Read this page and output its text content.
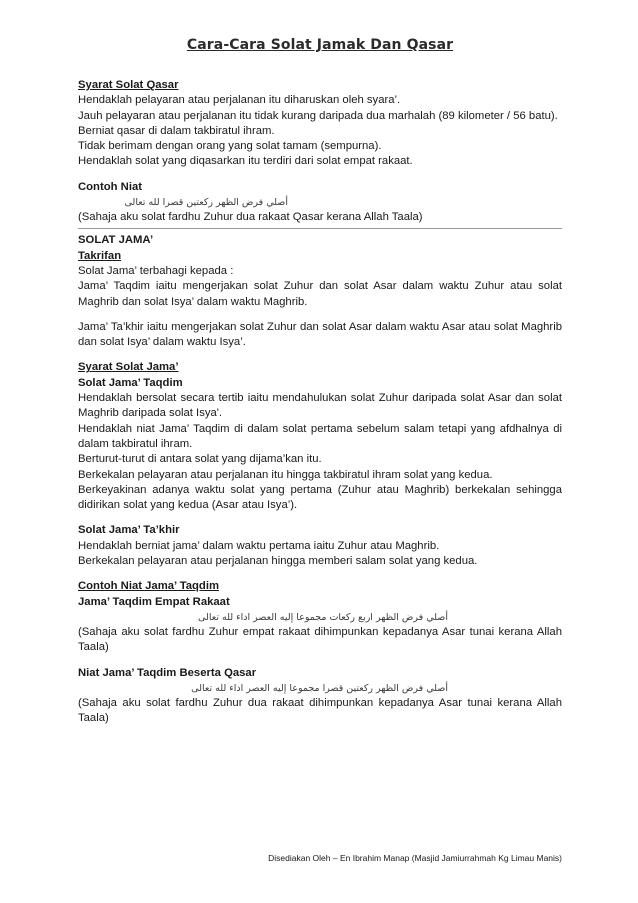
Cara-Cara Solat Jamak Dan Qasar

Syarat Solat Qasar

Hendaklah pelayaran atau perjalanan itu diharuskan oleh syara’.

Jauh pelayaran atau perjalanan itu tidak kurang daripada dua marhalah (89 kilometer / 56 batu).

Berniat qasar di dalam takbiratul ihram.

Tidak berimam dengan orang yang solat tamam (sempurna).

Hendaklah solat yang diqasarkan itu terdiri dari solat empat rakaat.

Contoh Niat

أصلي فرض الظهر ركعتين قصرا لله تعالى

(Sahaja aku solat fardhu Zuhur dua rakaat Qasar kerana Allah Taala)

SOLAT JAMA’

Takrifan

Solat Jama’ terbahagi kepada :

Jama’ Taqdim iaitu mengerjakan solat Zuhur dan solat Asar dalam waktu Zuhur atau solat Maghrib dan solat Isya’ dalam waktu Maghrib.

Jama’ Ta’khir iaitu mengerjakan solat Zuhur dan solat Asar dalam waktu Asar atau solat Maghrib dan solat Isya’ dalam waktu Isya’.

Syarat Solat Jama’

Solat Jama’ Taqdim

Hendaklah bersolat secara tertib iaitu mendahulukan solat Zuhur daripada solat Asar dan solat Maghrib daripada solat Isya'.

Hendaklah niat Jama’ Taqdim di dalam solat pertama sebelum salam tetapi yang afdhalnya di dalam takbiratul ihram.

Berturut-turut di antara solat yang dijama’kan itu.

Berkekalan pelayaran atau perjalanan itu hingga takbiratul ihram solat yang kedua.

Berkeyakinan adanya waktu solat yang pertama (Zuhur atau Maghrib) berkekalan sehingga didirikan solat yang kedua (Asar atau Isya’).

Solat Jama’ Ta’khir

Hendaklah berniat jama’ dalam waktu pertama iaitu Zuhur atau Maghrib.

Berkekalan pelayaran atau perjalanan hingga memberi salam solat yang kedua.

Contoh Niat Jama’ Taqdim

Jama’ Taqdim Empat Rakaat

أصلي فرض الظهر اربع ركعات مجموعا إليه العصر اداء لله تعالى

(Sahaja aku solat fardhu Zuhur empat rakaat dihimpunkan kepadanya Asar tunai kerana Allah Taala)

Niat Jama’ Taqdim Beserta Qasar

أصلي فرض الظهر ركعتين قصرا مجموعا إليه العصر اداء لله تعالى

(Sahaja aku solat fardhu Zuhur dua rakaat dihimpunkan kepadanya Asar tunai kerana Allah Taala)

Disediakan Oleh – En Ibrahim Manap (Masjid Jamiurrahmah Kg Limau Manis)
